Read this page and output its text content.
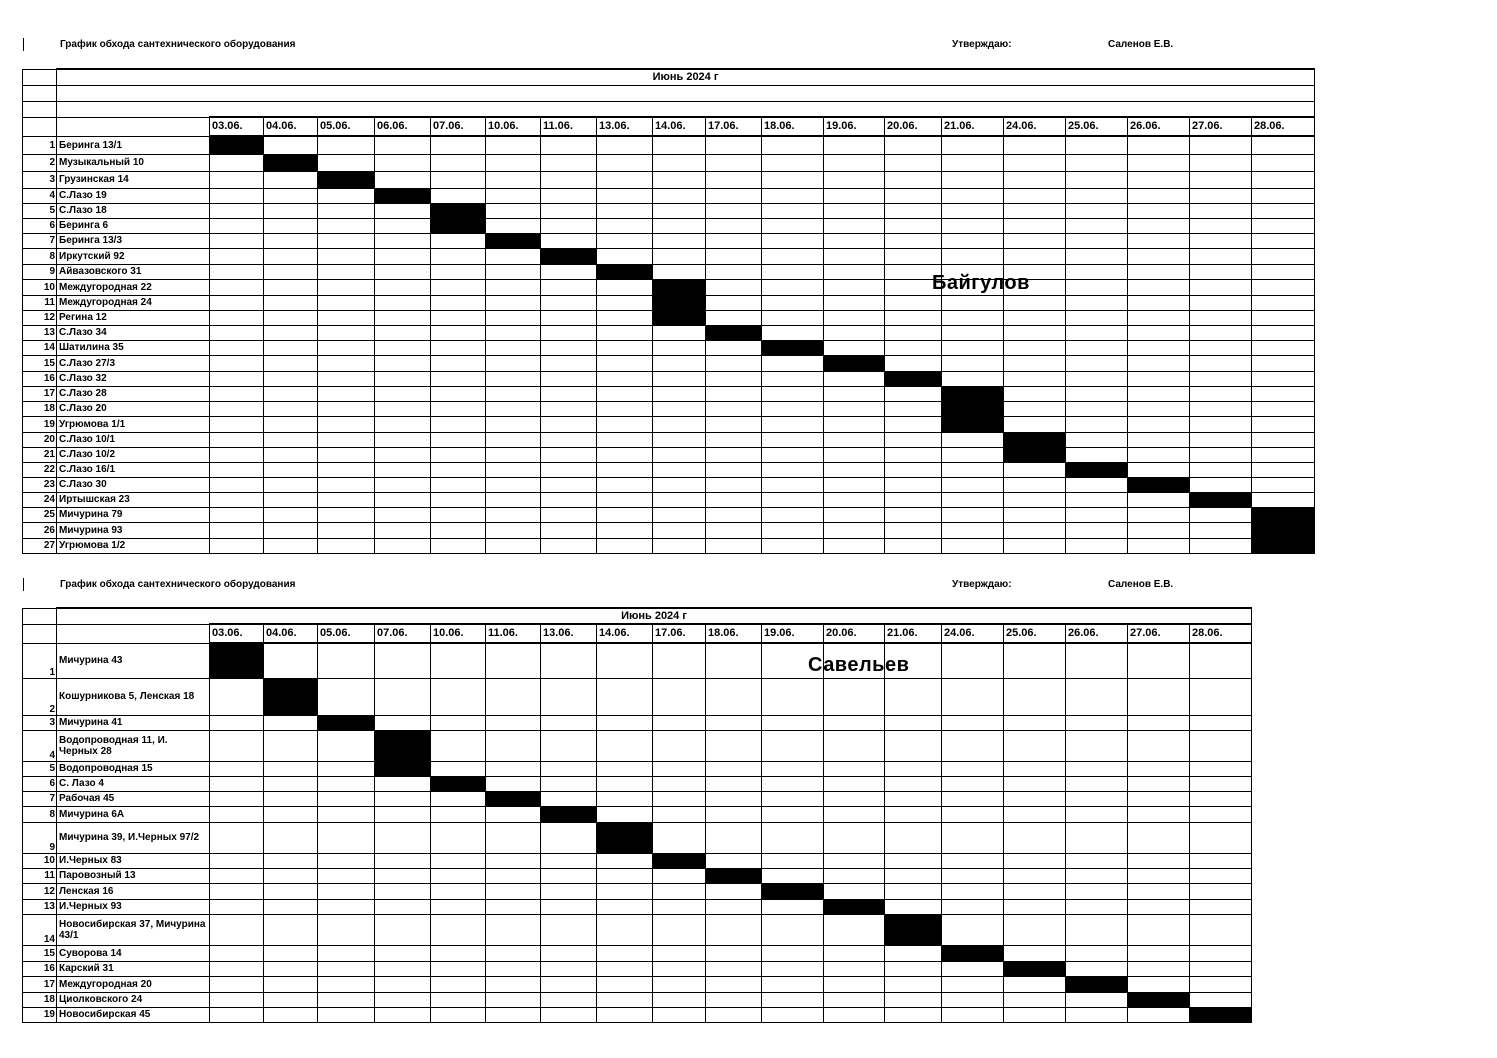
График обхода сантехнического оборудования	Утверждаю:	Саленов Е.В.
	Июнь 2024 г																			

		03.06.	04.06.	05.06.	06.06.	07.06.	10.06.	11.06.	13.06.	14.06.	17.06.	18.06.	19.06.	20.06.	21.06.	24.06.	25.06.	26.06.	27.06.	28.06.
1	Беринга 13/1																			
2	Музыкальный 10																			
3	Грузинская 14																			
4	С.Лазо 19																			
5	С.Лазо 18																			
6	Беринга 6																			
7	Беринга 13/3																			
8	Иркутский 92																			
9	Айвазовского 31																			
10	Междугородная 22																			
11	Междугородная 24																			
12	Регина 12																			
13	С.Лазо 34																			
14	Шатилина 35																			
15	С.Лазо 27/3																			
16	С.Лазо 32																			
17	С.Лазо 28																			
18	С.Лазо 20																			
19	Угрюмова 1/1																			
20	С.Лазо 10/1																			
21	С.Лазо 10/2																			
22	С.Лазо 16/1																			
23	С.Лазо 30																			
24	Иртышская 23																			
25	Мичурина 79																			
26	Мичурина 93																			
27	Угрюмова 1/2																			
Байгулов
График обхода сантехнического оборудования	Утверждаю:	Саленов Е.В.
	Июнь 2024 г																		
		03.06.	04.06.	05.06.	07.06.	10.06.	11.06.	13.06.	14.06.	17.06.	18.06.	19.06.	20.06.	21.06.	24.06.	25.06.	26.06.	27.06.	28.06.
1	Мичурина 43																		
2	Кошурникова 5, Ленская 18																		
3	Мичурина 41																		
4	Водопроводная 11, И. Черных 28																		
5	Водопроводная 15																		
6	С. Лазо 4																		
7	Рабочая 45																		
8	Мичурина 6А																		
9	Мичурина 39, И.Черных 97/2																		
10	И.Черных 83																		
11	Паровозный 13																		
12	Ленская 16																		
13	И.Черных 93																		
14	Новосибирская 37, Мичурина 43/1																		
15	Суворова 14																		
16	Карский 31																		
17	Междугородная 20																		
18	Циолковского 24																		
19	Новосибирская 45																		
Савельев
